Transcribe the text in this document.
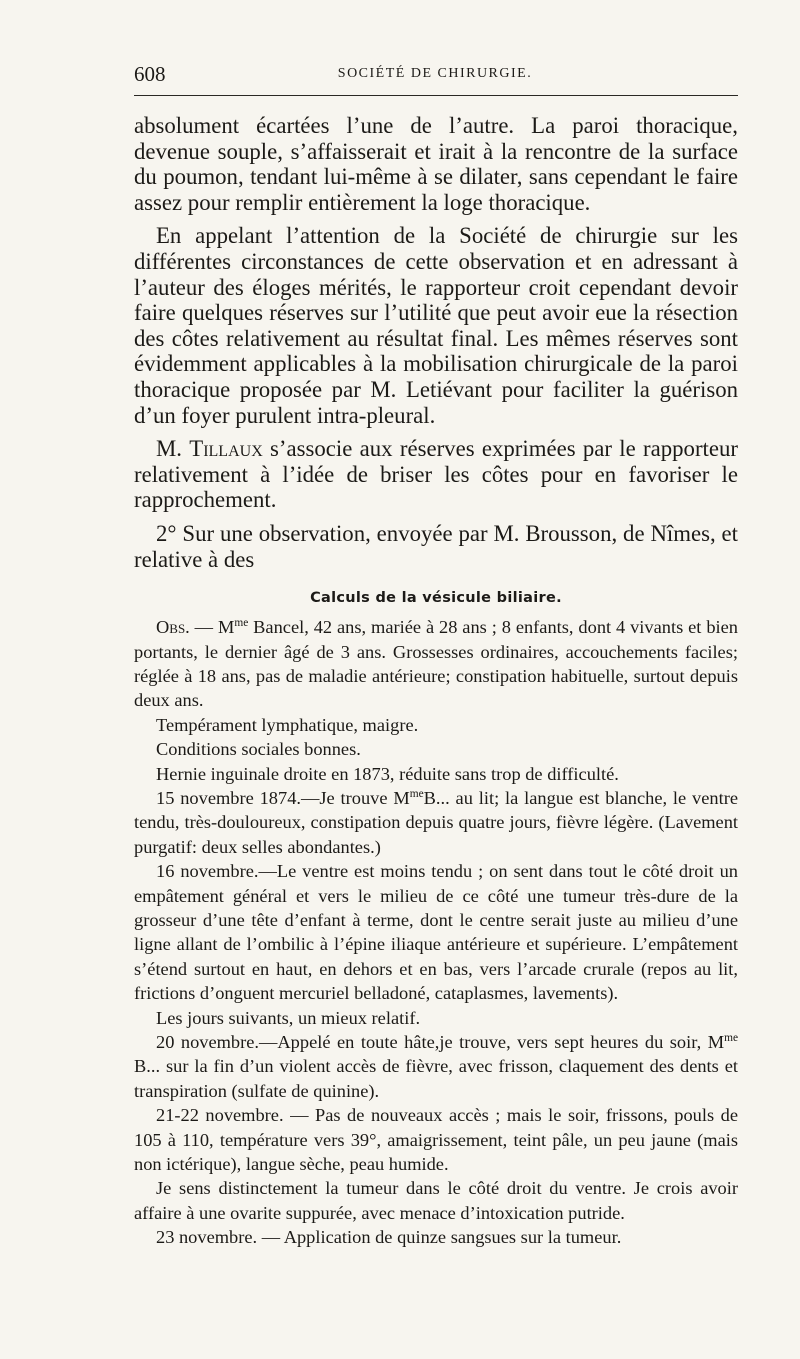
608	SOCIÉTÉ DE CHIRURGIE.

absolument écartées l’une de l’autre. La paroi thoracique, devenue souple, s’affaisserait et irait à la rencontre de la surface du poumon, tendant lui-même à se dilater, sans cependant le faire assez pour remplir entièrement la loge thoracique.

En appelant l’attention de la Société de chirurgie sur les différentes circonstances de cette observation et en adressant à l’auteur des éloges mérités, le rapporteur croit cependant devoir faire quelques réserves sur l’utilité que peut avoir eue la résection des côtes relativement au résultat final. Les mêmes réserves sont évidemment applicables à la mobilisation chirurgicale de la paroi thoracique proposée par M. Letiévant pour faciliter la guérison d’un foyer purulent intra-pleural.

M. Tillaux s’associe aux réserves exprimées par le rapporteur relativement à l’idée de briser les côtes pour en favoriser le rapprochement.

2° Sur une observation, envoyée par M. Brousson, de Nîmes, et relative à des

Calculs de la vésicule biliaire.

Obs. — $M^{me}$ Bancel, 42 ans, mariée à 28 ans ; 8 enfants, dont 4 vivants et bien portants, le dernier âgé de 3 ans. Grossesses ordinaires, accouchements faciles; réglée à 18 ans, pas de maladie antérieure; constipation habituelle, surtout depuis deux ans.

Tempérament lymphatique, maigre.

Conditions sociales bonnes.

Hernie inguinale droite en 1873, réduite sans trop de difficulté.

15 novembre 1874.—Je trouve $M^{me}B$... au lit; la langue est blanche, le ventre tendu, très-douloureux, constipation depuis quatre jours, fièvre légère. (Lavement purgatif: deux selles abondantes.)

16 novembre.—Le ventre est moins tendu ; on sent dans tout le côté droit un empâtement général et vers le milieu de ce côté une tumeur très-dure de la grosseur d’une tête d’enfant à terme, dont le centre serait juste au milieu d’une ligne allant de l’ombilic à l’épine iliaque antérieure et supérieure. L’empâtement s’étend surtout en haut, en dehors et en bas, vers l’arcade crurale (repos au lit, frictions d’onguent mercuriel belladoné, cataplasmes, lavements).

Les jours suivants, un mieux relatif.

20 novembre.—Appelé en toute hâte,je trouve, vers sept heures du soir, $M^{me}$ B... sur la fin d’un violent accès de fièvre, avec frisson, claquement des dents et transpiration (sulfate de quinine).

21-22 novembre. — Pas de nouveaux accès ; mais le soir, frissons, pouls de 105 à 110, température vers 39°, amaigrissement, teint pâle, un peu jaune (mais non ictérique), langue sèche, peau humide.

Je sens distinctement la tumeur dans le côté droit du ventre. Je crois avoir affaire à une ovarite suppurée, avec menace d’intoxication putride.

23 novembre. — Application de quinze sangsues sur la tumeur.
